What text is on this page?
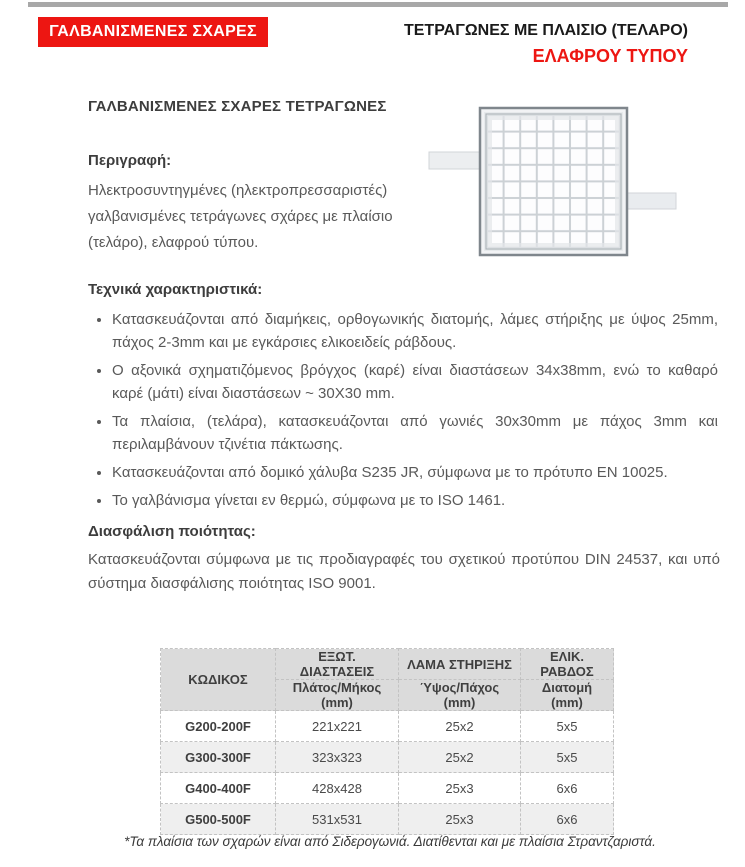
ΓΑΛΒΑΝΙΣΜΕΝΕΣ ΣΧΑΡΕΣ	ΤΕΤΡΑΓΩΝΕΣ ΜΕ ΠΛΑΙΣΙΟ (ΤΕΛΑΡΟ)
ΕΛΑΦΡΟΥ ΤΥΠΟΥ
ΓΑΛΒΑΝΙΣΜΕΝΕΣ ΣΧΑΡΕΣ ΤΕΤΡΑΓΩΝΕΣ
Περιγραφή:
Ηλεκτροσυντηγμένες (ηλεκτροπρεσσαριστές) γαλβανισμένες τετράγωνες σχάρες με πλαίσιο (τελάρο), ελαφρού τύπου.
Τεχνικά χαρακτηριστικά:
• Κατασκευάζονται από διαμήκεις, ορθογωνικής διατομής, λάμες στήριξης με ύψος 25mm, πάχος 2-3mm και με εγκάρσιες ελικοειδείς ράβδους.
• Ο αξονικά σχηματιζόμενος βρόγχος (καρέ) είναι διαστάσεων 34x38mm, ενώ το καθαρό καρέ (μάτι) είναι διαστάσεων ~ 30X30 mm.
• Τα πλαίσια, (τελάρα), κατασκευάζονται από γωνιές 30x30mm με πάχος 3mm και περιλαμβάνουν τζινέτια πάκτωσης.
• Κατασκευάζονται από δομικό χάλυβα S235 JR, σύμφωνα με το πρότυπο EN 10025.
• Το γαλβάνισμα γίνεται εν θερμώ, σύμφωνα με το ISO 1461.
Διασφάλιση ποιότητας:
Κατασκευάζονται σύμφωνα με τις προδιαγραφές του σχετικού προτύπου DIN 24537, και υπό σύστημα διασφάλισης ποιότητας ISO 9001.
ΚΩΔΙΚΟΣ	ΕΞΩΤ. ΔΙΑΣΤΑΣΕΙΣ	ΛΑΜΑ ΣΤΗΡΙΞΗΣ	ΕΛΙΚ. ΡΑΒΔΟΣ
	Πλάτος/Μήκος (mm)	Ύψος/Πάχος (mm)	Διατομή (mm)
G200-200F	221x221	25x2	5x5
G300-300F	323x323	25x2	5x5
G400-400F	428x428	25x3	6x6
G500-500F	531x531	25x3	6x6
*Τα πλαίσια των σχαρών είναι από Σιδερογωνιά. Διατίθενται και με πλαίσια Στραντζαριστά.
